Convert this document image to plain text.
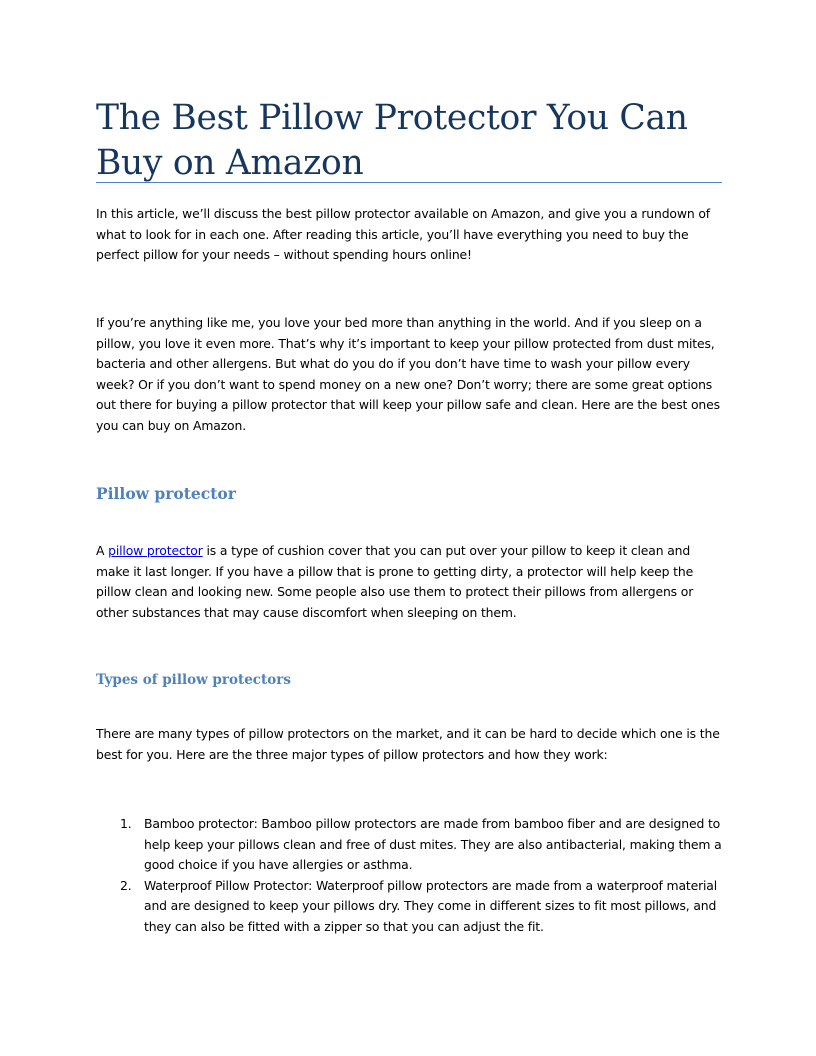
The Best Pillow Protector You Can Buy on Amazon

In this article, we’ll discuss the best pillow protector available on Amazon, and give you a rundown of what to look for in each one. After reading this article, you’ll have everything you need to buy the perfect pillow for your needs – without spending hours online!

If you’re anything like me, you love your bed more than anything in the world. And if you sleep on a pillow, you love it even more. That’s why it’s important to keep your pillow protected from dust mites, bacteria and other allergens. But what do you do if you don’t have time to wash your pillow every week? Or if you don’t want to spend money on a new one? Don’t worry; there are some great options out there for buying a pillow protector that will keep your pillow safe and clean. Here are the best ones you can buy on Amazon.

Pillow protector

A pillow protector is a type of cushion cover that you can put over your pillow to keep it clean and make it last longer. If you have a pillow that is prone to getting dirty, a protector will help keep the pillow clean and looking new. Some people also use them to protect their pillows from allergens or other substances that may cause discomfort when sleeping on them.

Types of pillow protectors

There are many types of pillow protectors on the market, and it can be hard to decide which one is the best for you. Here are the three major types of pillow protectors and how they work:

1. Bamboo protector: Bamboo pillow protectors are made from bamboo fiber and are designed to help keep your pillows clean and free of dust mites. They are also antibacterial, making them a good choice if you have allergies or asthma.
2. Waterproof Pillow Protector: Waterproof pillow protectors are made from a waterproof material and are designed to keep your pillows dry. They come in different sizes to fit most pillows, and they can also be fitted with a zipper so that you can adjust the fit.
